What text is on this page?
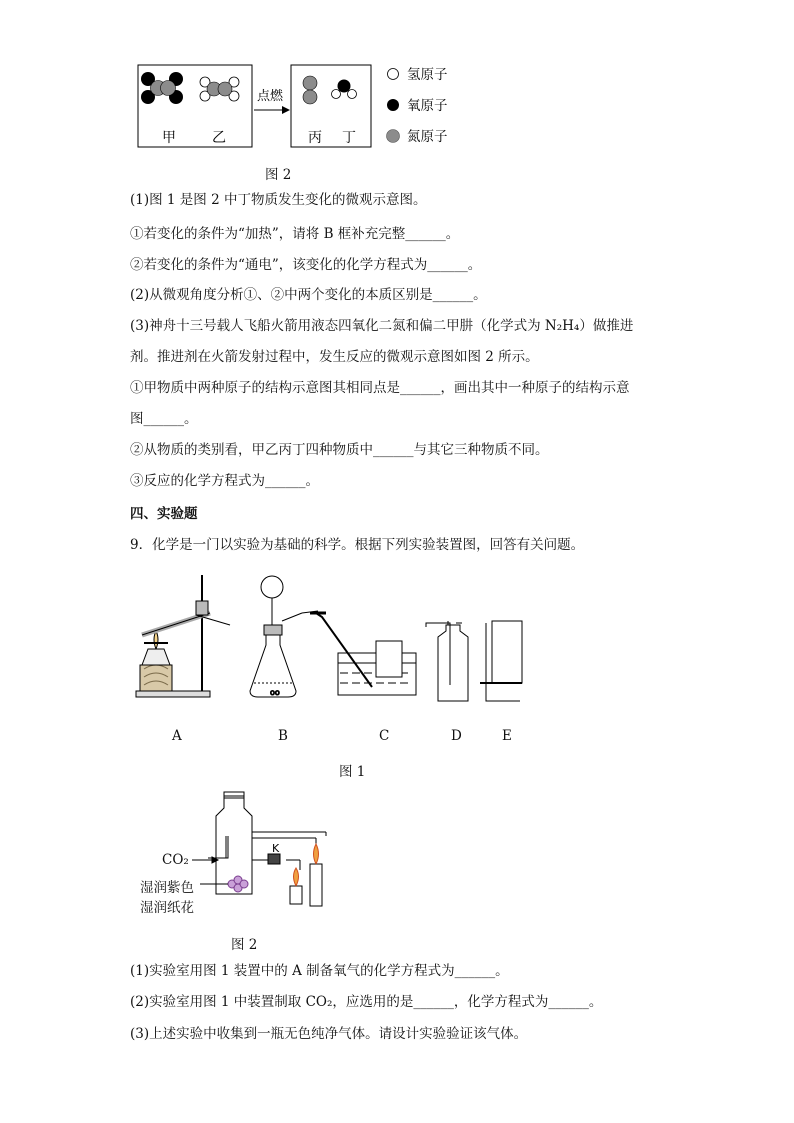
甲	乙
点燃
丙 丁
氢原子
氧原子
氮原子
图 2
(1)图 1 是图 2 中丁物质发生变化的微观示意图。
①若变化的条件为“加热”，请将 B 框补充完整______。
②若变化的条件为“通电”，该变化的化学方程式为______。
(2)从微观角度分析①、②中两个变化的本质区别是______。
(3)神舟十三号载人飞船火箭用液态四氧化二氮和偏二甲肼（化学式为 N₂H₄）做推进
剂。推进剂在火箭发射过程中，发生反应的微观示意图如图 2 所示。
①甲物质中两种原子的结构示意图其相同点是______，画出其中一种原子的结构示意
图______。
②从物质的类别看，甲乙丙丁四种物质中______与其它三种物质不同。
③反应的化学方程式为______。
四、实验题
9．化学是一门以实验为基础的科学。根据下列实验装置图，回答有关问题。
oo
A	B	C	D	E
图 1
K
CO₂
湿润紫色
湿润纸花
图 2
(1)实验室用图 1 装置中的 A 制备氧气的化学方程式为______。
(2)实验室用图 1 中装置制取 CO₂，应选用的是______，化学方程式为______。
(3)上述实验中收集到一瓶无色纯净气体。请设计实验验证该气体。
